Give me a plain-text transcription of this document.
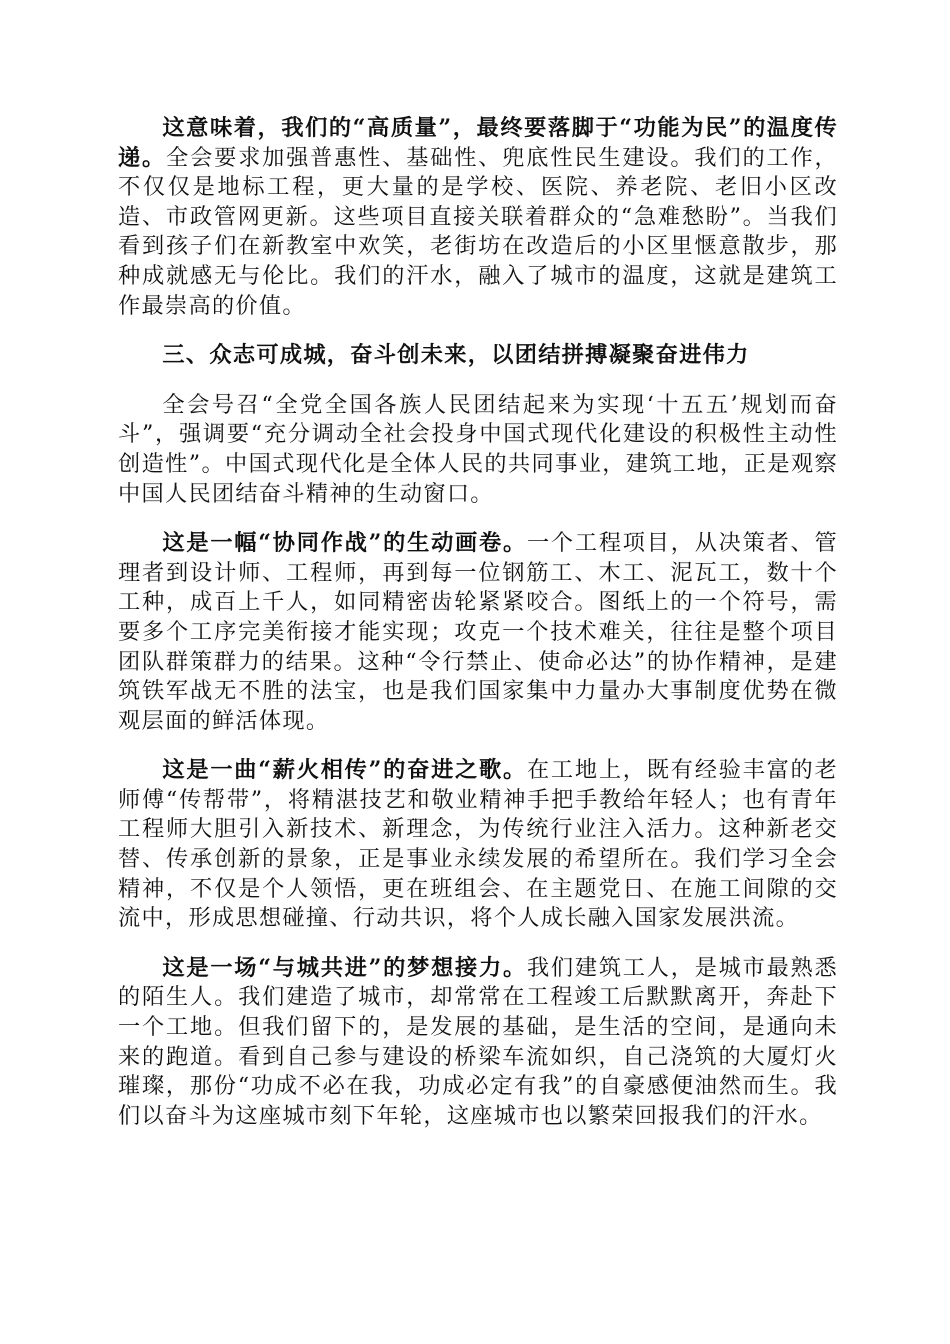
这意味着，我们的“高质量”，最终要落脚于“功能为民”的温度传递。全会要求加强普惠性、基础性、兜底性民生建设。我们的工作，不仅仅是地标工程，更大量的是学校、医院、养老院、老旧小区改造、市政管网更新。这些项目直接关联着群众的“急难愁盼”。当我们看到孩子们在新教室中欢笑，老街坊在改造后的小区里惬意散步，那种成就感无与伦比。我们的汗水，融入了城市的温度，这就是建筑工作最崇高的价值。

三、众志可成城，奋斗创未来，以团结拼搏凝聚奋进伟力

全会号召“全党全国各族人民团结起来为实现‘十五五’规划而奋斗”，强调要“充分调动全社会投身中国式现代化建设的积极性主动性创造性”。中国式现代化是全体人民的共同事业，建筑工地，正是观察中国人民团结奋斗精神的生动窗口。

这是一幅“协同作战”的生动画卷。一个工程项目，从决策者、管理者到设计师、工程师，再到每一位钢筋工、木工、泥瓦工，数十个工种，成百上千人，如同精密齿轮紧紧咬合。图纸上的一个符号，需要多个工序完美衔接才能实现；攻克一个技术难关，往往是整个项目团队群策群力的结果。这种“令行禁止、使命必达”的协作精神，是建筑铁军战无不胜的法宝，也是我们国家集中力量办大事制度优势在微观层面的鲜活体现。

这是一曲“薪火相传”的奋进之歌。在工地上，既有经验丰富的老师傅“传帮带”，将精湛技艺和敬业精神手把手教给年轻人；也有青年工程师大胆引入新技术、新理念，为传统行业注入活力。这种新老交替、传承创新的景象，正是事业永续发展的希望所在。我们学习全会精神，不仅是个人领悟，更在班组会、在主题党日、在施工间隙的交流中，形成思想碰撞、行动共识，将个人成长融入国家发展洪流。

这是一场“与城共进”的梦想接力。我们建筑工人，是城市最熟悉的陌生人。我们建造了城市，却常常在工程竣工后默默离开，奔赴下一个工地。但我们留下的，是发展的基础，是生活的空间，是通向未来的跑道。看到自己参与建设的桥梁车流如织，自己浇筑的大厦灯火璀璨，那份“功成不必在我，功成必定有我”的自豪感便油然而生。我们以奋斗为这座城市刻下年轮，这座城市也以繁荣回报我们的汗水。
